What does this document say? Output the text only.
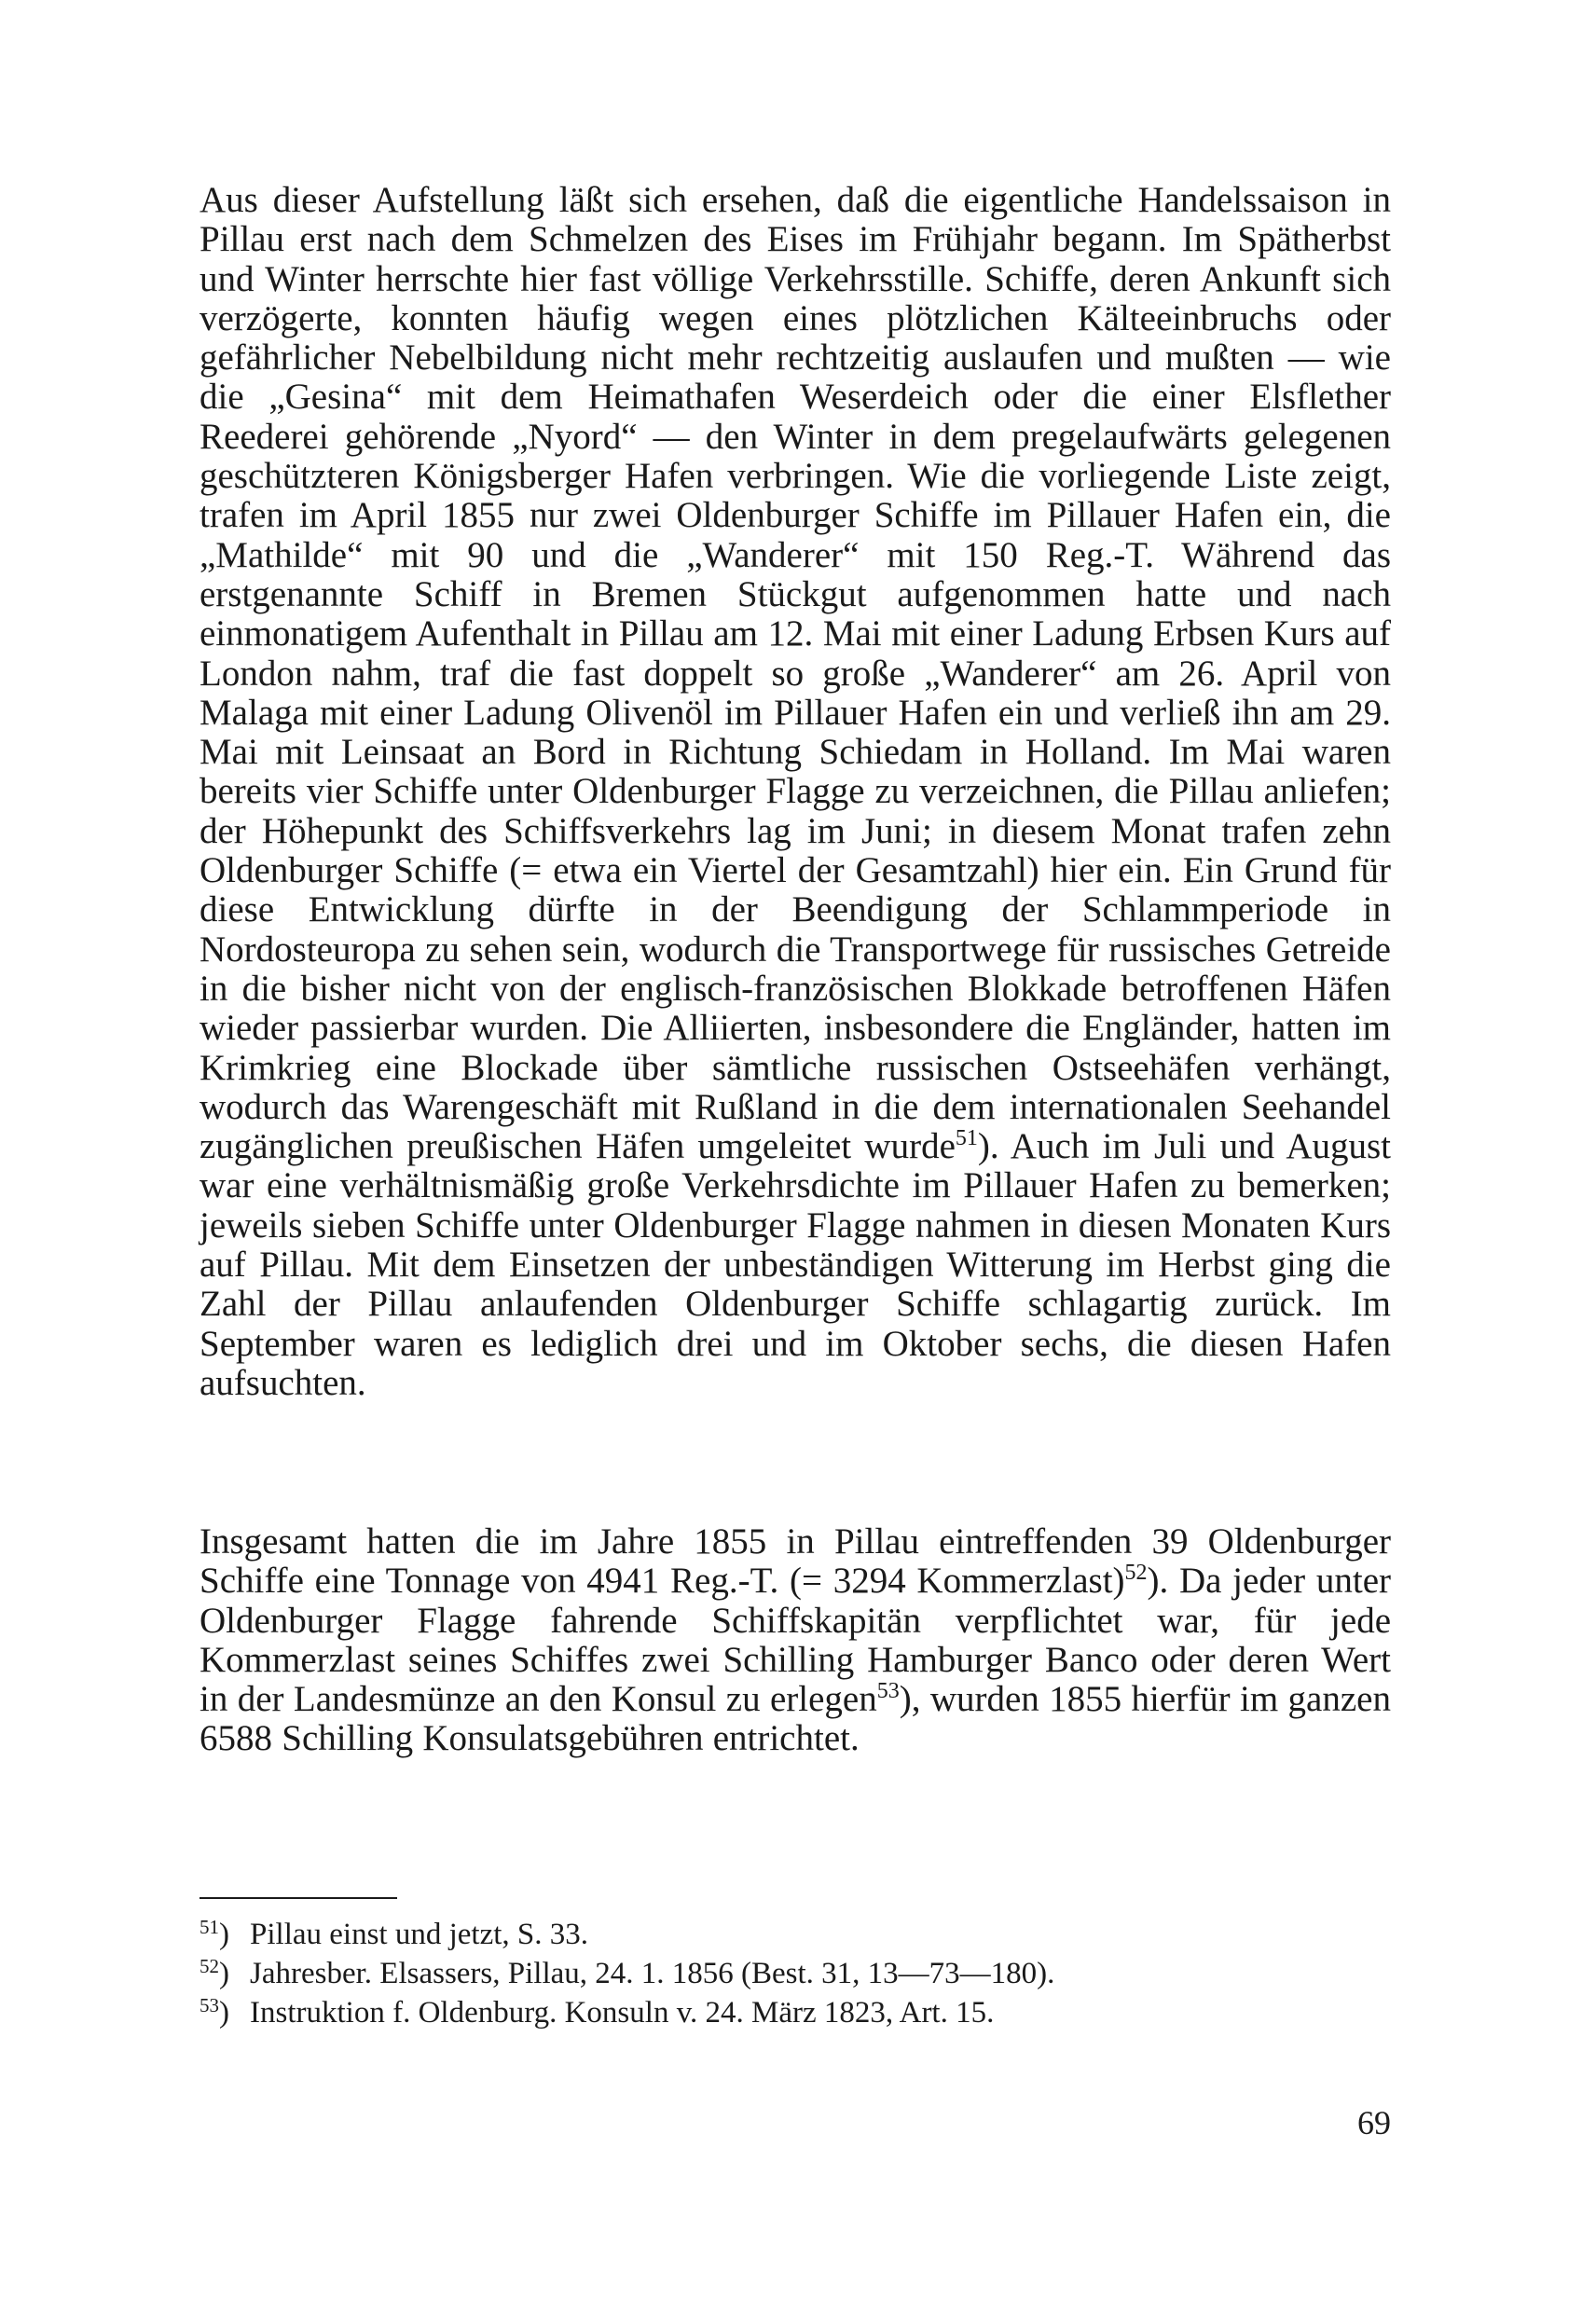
Aus dieser Aufstellung läßt sich ersehen, daß die eigentliche Handelssaison in Pillau erst nach dem Schmelzen des Eises im Frühjahr begann. Im Spätherbst und Winter herrschte hier fast völlige Verkehrsstille. Schiffe, deren Ankunft sich verzögerte, konnten häufig wegen eines plötzlichen Kälteeinbruchs oder gefährlicher Nebelbildung nicht mehr rechtzeitig auslaufen und mußten — wie die „Gesina“ mit dem Heimathafen Weserdeich oder die einer Elsflether Reederei gehörende „Nyord“ — den Winter in dem pregelaufwärts gelegenen geschützteren Königsberger Hafen verbringen. Wie die vorliegende Liste zeigt, trafen im April 1855 nur zwei Oldenburger Schiffe im Pillauer Hafen ein, die „Mathilde“ mit 90 und die „Wanderer“ mit 150 Reg.-T. Während das erstgenannte Schiff in Bremen Stückgut aufgenommen hatte und nach einmonatigem Aufenthalt in Pillau am 12. Mai mit einer Ladung Erbsen Kurs auf London nahm, traf die fast doppelt so große „Wanderer“ am 26. April von Malaga mit einer Ladung Olivenöl im Pillauer Hafen ein und verließ ihn am 29. Mai mit Leinsaat an Bord in Richtung Schiedam in Holland. Im Mai waren bereits vier Schiffe unter Oldenburger Flagge zu verzeichnen, die Pillau anliefen; der Höhepunkt des Schiffsverkehrs lag im Juni; in diesem Monat trafen zehn Oldenburger Schiffe (= etwa ein Viertel der Gesamtzahl) hier ein. Ein Grund für diese Entwicklung dürfte in der Beendigung der Schlammperiode in Nordosteuropa zu sehen sein, wodurch die Transportwege für russisches Getreide in die bisher nicht von der englisch-französischen Blokkade betroffenen Häfen wieder passierbar wurden. Die Alliierten, insbesondere die Engländer, hatten im Krimkrieg eine Blockade über sämtliche russischen Ostseehäfen verhängt, wodurch das Warengeschäft mit Rußland in die dem internationalen Seehandel zugänglichen preußischen Häfen umgeleitet wurde$^{51}$). Auch im Juli und August war eine verhältnismäßig große Verkehrsdichte im Pillauer Hafen zu bemerken; jeweils sieben Schiffe unter Oldenburger Flagge nahmen in diesen Monaten Kurs auf Pillau. Mit dem Einsetzen der unbeständigen Witterung im Herbst ging die Zahl der Pillau anlaufenden Oldenburger Schiffe schlagartig zurück. Im September waren es lediglich drei und im Oktober sechs, die diesen Hafen aufsuchten.

Insgesamt hatten die im Jahre 1855 in Pillau eintreffenden 39 Oldenburger Schiffe eine Tonnage von 4941 Reg.-T. (= 3294 Kommerzlast)$^{52}$). Da jeder unter Oldenburger Flagge fahrende Schiffskapitän verpflichtet war, für jede Kommerzlast seines Schiffes zwei Schilling Hamburger Banco oder deren Wert in der Landesmünze an den Konsul zu erlegen$^{53}$), wurden 1855 hierfür im ganzen 6588 Schilling Konsulatsgebühren entrichtet.

$^{51}$) Pillau einst und jetzt, S. 33.
$^{52}$) Jahresber. Elsassers, Pillau, 24. 1. 1856 (Best. 31, 13—73—180).
$^{53}$) Instruktion f. Oldenburg. Konsuln v. 24. März 1823, Art. 15.
69
